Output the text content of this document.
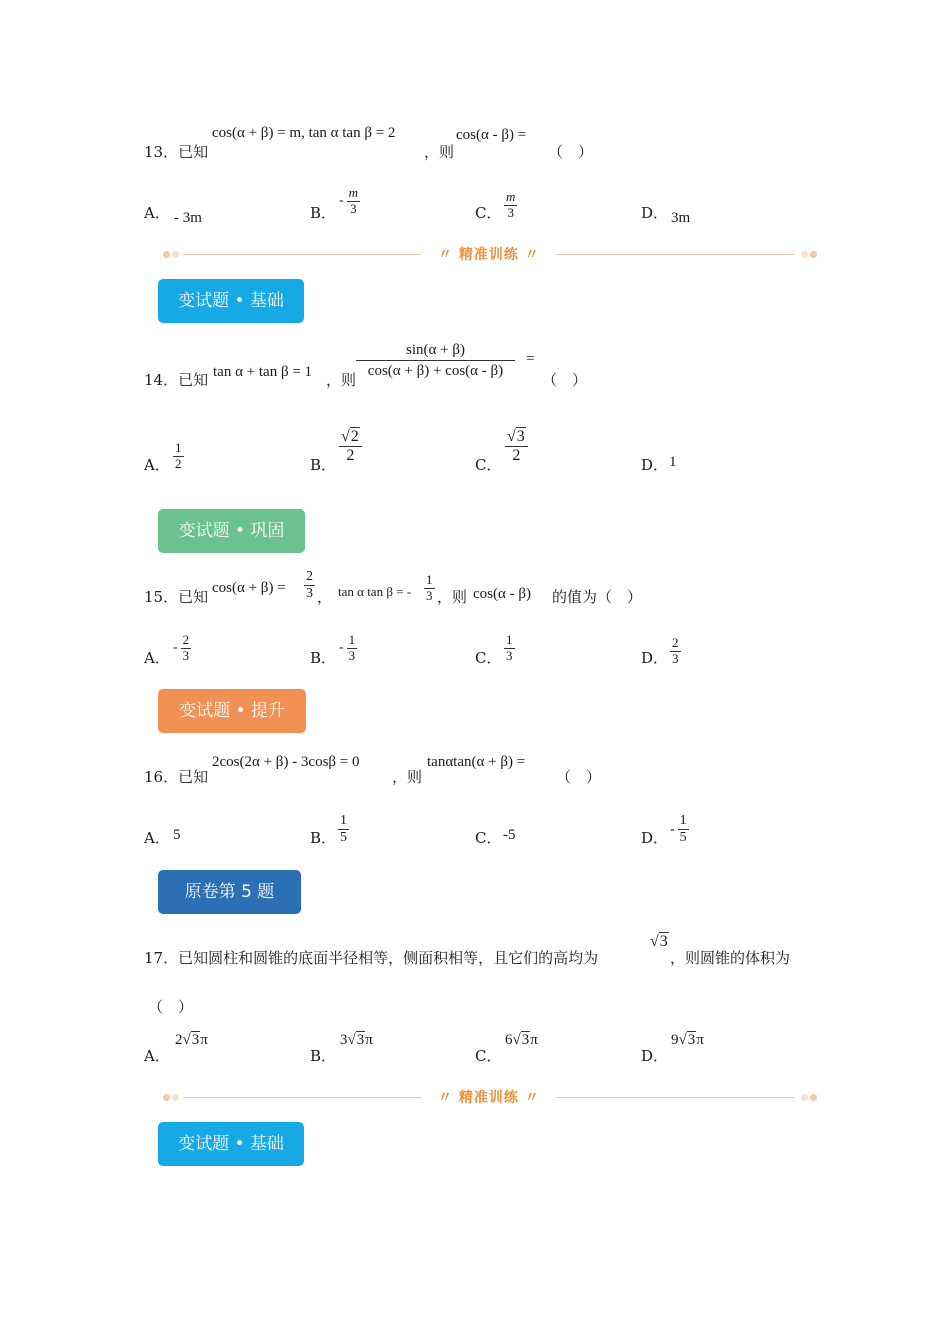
13．已知
cos(α + β) = m, tan α tan β = 2
，则
cos(α - β) =
（　）
A． - 3m	B．
- $\frac{m}{3}$	C． $\frac{m}{3}$	D． 3m
〃 精准训练 〃
变试题 • 基础
14．已知 tan α + tan β = 1 ，则
sin(α + β)
cos(α + β) + cos(α - β)
=
（　）
A． $\frac{1}{2}$	B． $\frac{√2}{2}$	C． $\frac{√3}{2}$	D． 1
变试题 • 巩固
15．已知 $\cos(\alpha + \beta) = \frac{2}{3}$ ， tan α tan β = - $\frac{1}{3}$ ，则 cos(α - β) 的值为（　）
A．
- $\frac{2}{3}$	B．
- $\frac{1}{3}$	C． $\frac{1}{3}$	D． $\frac{2}{3}$
变试题 • 提升
16．已知
2cos(2α + β) - 3cosβ = 0
，则
tanαtan(α + β) =
（　）
A． 5	B． $\frac{1}{5}$	C． -5	D． - $\frac{1}{5}$
原卷第 5 题
17．已知圆柱和圆锥的底面半径相等，侧面积相等，且它们的高均为
√3
，则圆锥的体积为
（　）
A．
2√3π
B．
3√3π
C．
6√3π
D．
9√3π
〃 精准训练 〃
变试题 • 基础
